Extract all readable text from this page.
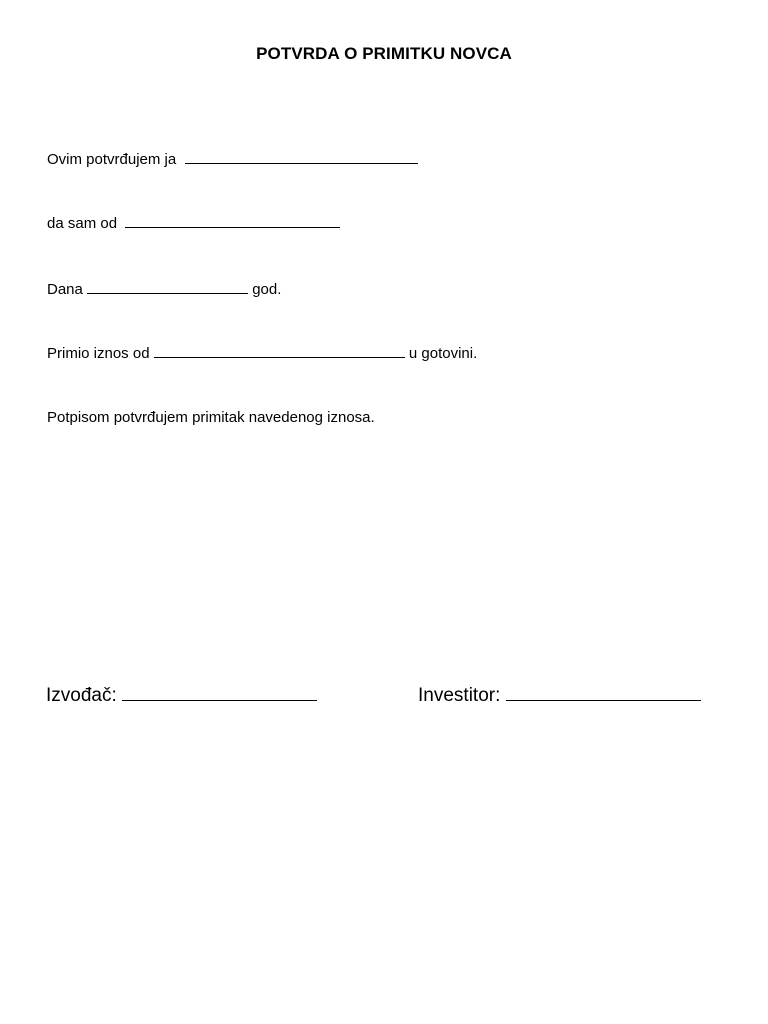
POTVRDA O PRIMITKU NOVCA
Ovim potvrđujem ja
da sam od
Dana	god.
Primio iznos od	u gotovini.
Potpisom potvrđujem primitak navedenog iznosa.
Izvođač:	Investitor:
